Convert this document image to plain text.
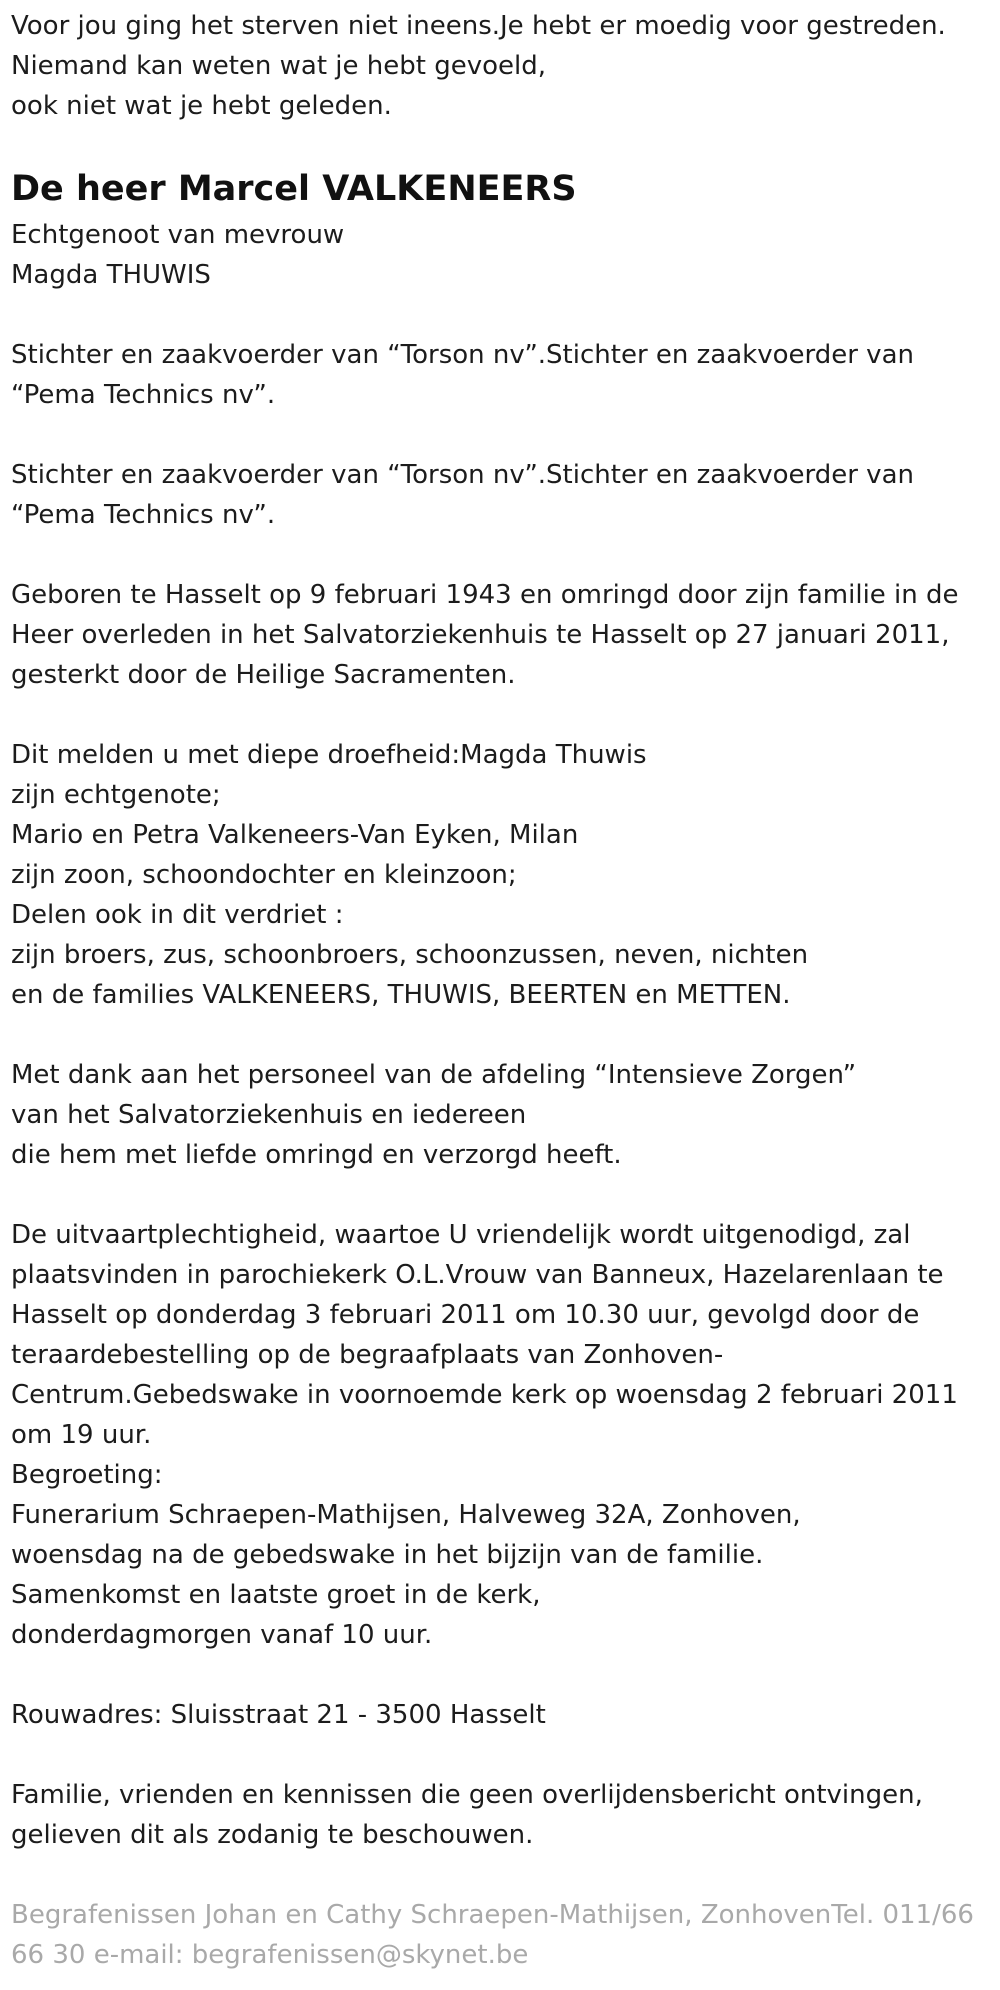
Voor jou ging het sterven niet ineens.Je hebt er moedig voor gestreden.
Niemand kan weten wat je hebt gevoeld,
ook niet wat je hebt geleden.
De heer Marcel VALKENEERS
Echtgenoot van mevrouw
Magda THUWIS
Stichter en zaakvoerder van “Torson nv”.Stichter en zaakvoerder van
“Pema Technics nv”.
Stichter en zaakvoerder van “Torson nv”.Stichter en zaakvoerder van
“Pema Technics nv”.
Geboren te Hasselt op 9 februari 1943 en omringd door zijn familie in de
Heer overleden in het Salvatorziekenhuis te Hasselt op 27 januari 2011,
gesterkt door de Heilige Sacramenten.
Dit melden u met diepe droefheid:Magda Thuwis
zijn echtgenote;
Mario en Petra Valkeneers-Van Eyken, Milan
zijn zoon, schoondochter en kleinzoon;
Delen ook in dit verdriet :
zijn broers, zus, schoonbroers, schoonzussen, neven, nichten
en de families VALKENEERS, THUWIS, BEERTEN en METTEN.
Met dank aan het personeel van de afdeling “Intensieve Zorgen”
van het Salvatorziekenhuis en iedereen
die hem met liefde omringd en verzorgd heeft.
De uitvaartplechtigheid, waartoe U vriendelijk wordt uitgenodigd, zal
plaatsvinden in parochiekerk O.L.Vrouw van Banneux, Hazelarenlaan te
Hasselt op donderdag 3 februari 2011 om 10.30 uur, gevolgd door de
teraardebestelling op de begraafplaats van Zonhoven-
Centrum.Gebedswake in voornoemde kerk op woensdag 2 februari 2011
om 19 uur.
Begroeting:
Funerarium Schraepen-Mathijsen, Halveweg 32A, Zonhoven,
woensdag na de gebedswake in het bijzijn van de familie.
Samenkomst en laatste groet in de kerk,
donderdagmorgen vanaf 10 uur.
Rouwadres: Sluisstraat 21 - 3500 Hasselt
Familie, vrienden en kennissen die geen overlijdensbericht ontvingen,
gelieven dit als zodanig te beschouwen.
Begrafenissen Johan en Cathy Schraepen-Mathijsen, ZonhovenTel. 011/66
66 30 e-mail: begrafenissen@skynet.be
